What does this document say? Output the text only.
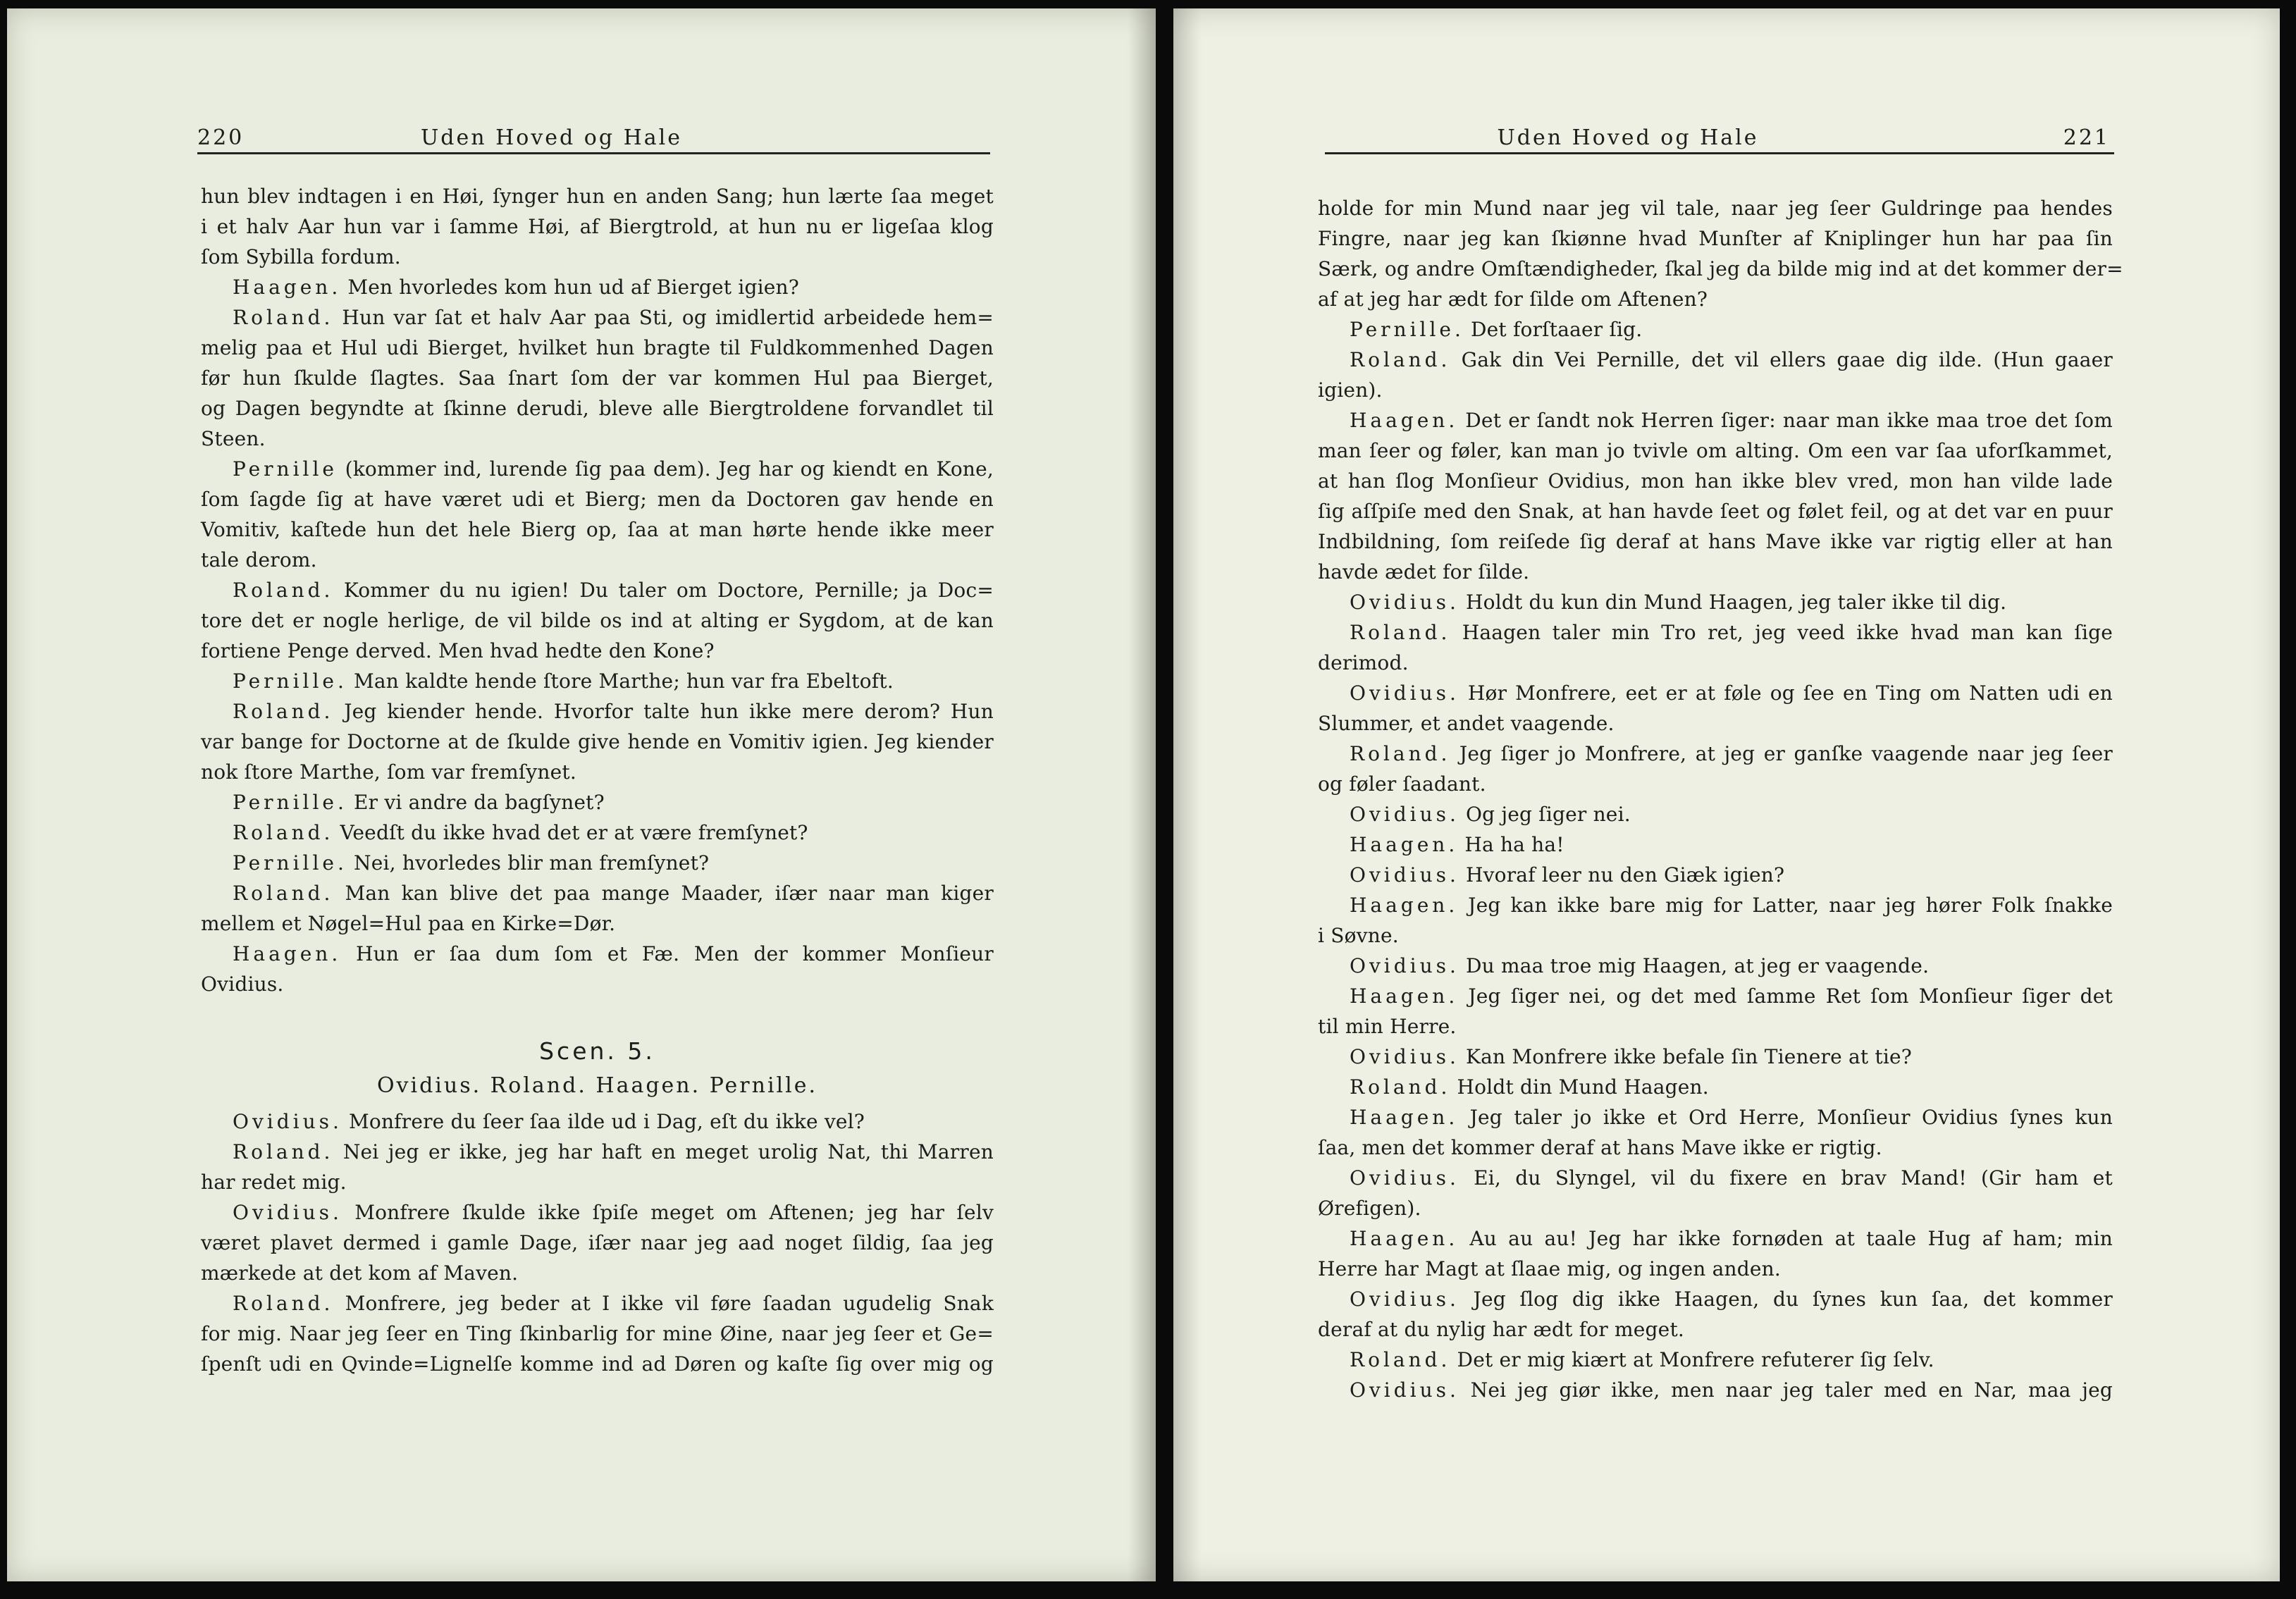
220	Uden Hoved og Hale
hun blev indtagen i en Høi, ſynger hun en anden Sang; hun lærte ſaa meget
i et halv Aar hun var i ſamme Høi, af Biergtrold, at hun nu er ligeſaa klog
ſom Sybilla fordum.
Haagen. Men hvorledes kom hun ud af Bierget igien?
Roland. Hun var ſat et halv Aar paa Sti, og imidlertid arbeidede hem=
melig paa et Hul udi Bierget, hvilket hun bragte til Fuldkommenhed Dagen
før hun ſkulde ſlagtes. Saa ſnart ſom der var kommen Hul paa Bierget,
og Dagen begyndte at ſkinne derudi, bleve alle Biergtroldene forvandlet til
Steen.
Pernille (kommer ind, lurende ſig paa dem). Jeg har og kiendt en Kone,
ſom ſagde ſig at have været udi et Bierg; men da Doctoren gav hende en
Vomitiv, kaſtede hun det hele Bierg op, ſaa at man hørte hende ikke meer
tale derom.
Roland. Kommer du nu igien! Du taler om Doctore, Pernille; ja Doc=
tore det er nogle herlige, de vil bilde os ind at alting er Sygdom, at de kan
fortiene Penge derved. Men hvad hedte den Kone?
Pernille. Man kaldte hende ſtore Marthe; hun var fra Ebeltoft.
Roland. Jeg kiender hende. Hvorfor talte hun ikke mere derom? Hun
var bange for Doctorne at de ſkulde give hende en Vomitiv igien. Jeg kiender
nok ſtore Marthe, ſom var fremſynet.
Pernille. Er vi andre da bagſynet?
Roland. Veedſt du ikke hvad det er at være fremſynet?
Pernille. Nei, hvorledes blir man fremſynet?
Roland. Man kan blive det paa mange Maader, iſær naar man kiger
mellem et Nøgel=Hul paa en Kirke=Dør.
Haagen. Hun er ſaa dum ſom et Fæ. Men der kommer Monſieur
Ovidius.
Scen. 5.
Ovidius. Roland. Haagen. Pernille.
Ovidius. Monfrere du ſeer ſaa ilde ud i Dag, eſt du ikke vel?
Roland. Nei jeg er ikke, jeg har haft en meget urolig Nat, thi Marren
har redet mig.
Ovidius. Monfrere ſkulde ikke ſpiſe meget om Aftenen; jeg har ſelv
været plavet dermed i gamle Dage, iſær naar jeg aad noget ſildig, ſaa jeg
mærkede at det kom af Maven.
Roland. Monfrere, jeg beder at I ikke vil føre ſaadan ugudelig Snak
for mig. Naar jeg ſeer en Ting ſkinbarlig for mine Øine, naar jeg ſeer et Ge=
ſpenſt udi en Qvinde=Lignelſe komme ind ad Døren og kaſte ſig over mig og
Uden Hoved og Hale	221
holde for min Mund naar jeg vil tale, naar jeg ſeer Guldringe paa hendes
Fingre, naar jeg kan ſkiønne hvad Munſter af Kniplinger hun har paa ſin
Særk, og andre Omſtændigheder, ſkal jeg da bilde mig ind at det kommer der=
af at jeg har ædt for ſilde om Aftenen?
Pernille. Det forſtaaer ſig.
Roland. Gak din Vei Pernille, det vil ellers gaae dig ilde. (Hun gaaer
igien).
Haagen. Det er ſandt nok Herren ſiger: naar man ikke maa troe det ſom
man ſeer og føler, kan man jo tvivle om alting. Om een var ſaa uforſkammet,
at han ſlog Monſieur Ovidius, mon han ikke blev vred, mon han vilde lade
ſig aſſpiſe med den Snak, at han havde ſeet og følet feil, og at det var en puur
Indbildning, ſom reiſede ſig deraf at hans Mave ikke var rigtig eller at han
havde ædet for ſilde.
Ovidius. Holdt du kun din Mund Haagen, jeg taler ikke til dig.
Roland. Haagen taler min Tro ret, jeg veed ikke hvad man kan ſige
derimod.
Ovidius. Hør Monfrere, eet er at føle og ſee en Ting om Natten udi en
Slummer, et andet vaagende.
Roland. Jeg ſiger jo Monfrere, at jeg er ganſke vaagende naar jeg ſeer
og føler ſaadant.
Ovidius. Og jeg ſiger nei.
Haagen. Ha ha ha!
Ovidius. Hvoraf leer nu den Giæk igien?
Haagen. Jeg kan ikke bare mig for Latter, naar jeg hører Folk ſnakke
i Søvne.
Ovidius. Du maa troe mig Haagen, at jeg er vaagende.
Haagen. Jeg ſiger nei, og det med ſamme Ret ſom Monſieur ſiger det
til min Herre.
Ovidius. Kan Monfrere ikke befale ſin Tienere at tie?
Roland. Holdt din Mund Haagen.
Haagen. Jeg taler jo ikke et Ord Herre, Monſieur Ovidius ſynes kun
ſaa, men det kommer deraf at hans Mave ikke er rigtig.
Ovidius. Ei, du Slyngel, vil du fixere en brav Mand! (Gir ham et
Ørefigen).
Haagen. Au au au! Jeg har ikke fornøden at taale Hug af ham; min
Herre har Magt at ſlaae mig, og ingen anden.
Ovidius. Jeg ſlog dig ikke Haagen, du ſynes kun ſaa, det kommer
deraf at du nylig har ædt for meget.
Roland. Det er mig kiært at Monfrere refuterer ſig ſelv.
Ovidius. Nei jeg giør ikke, men naar jeg taler med en Nar, maa jeg
